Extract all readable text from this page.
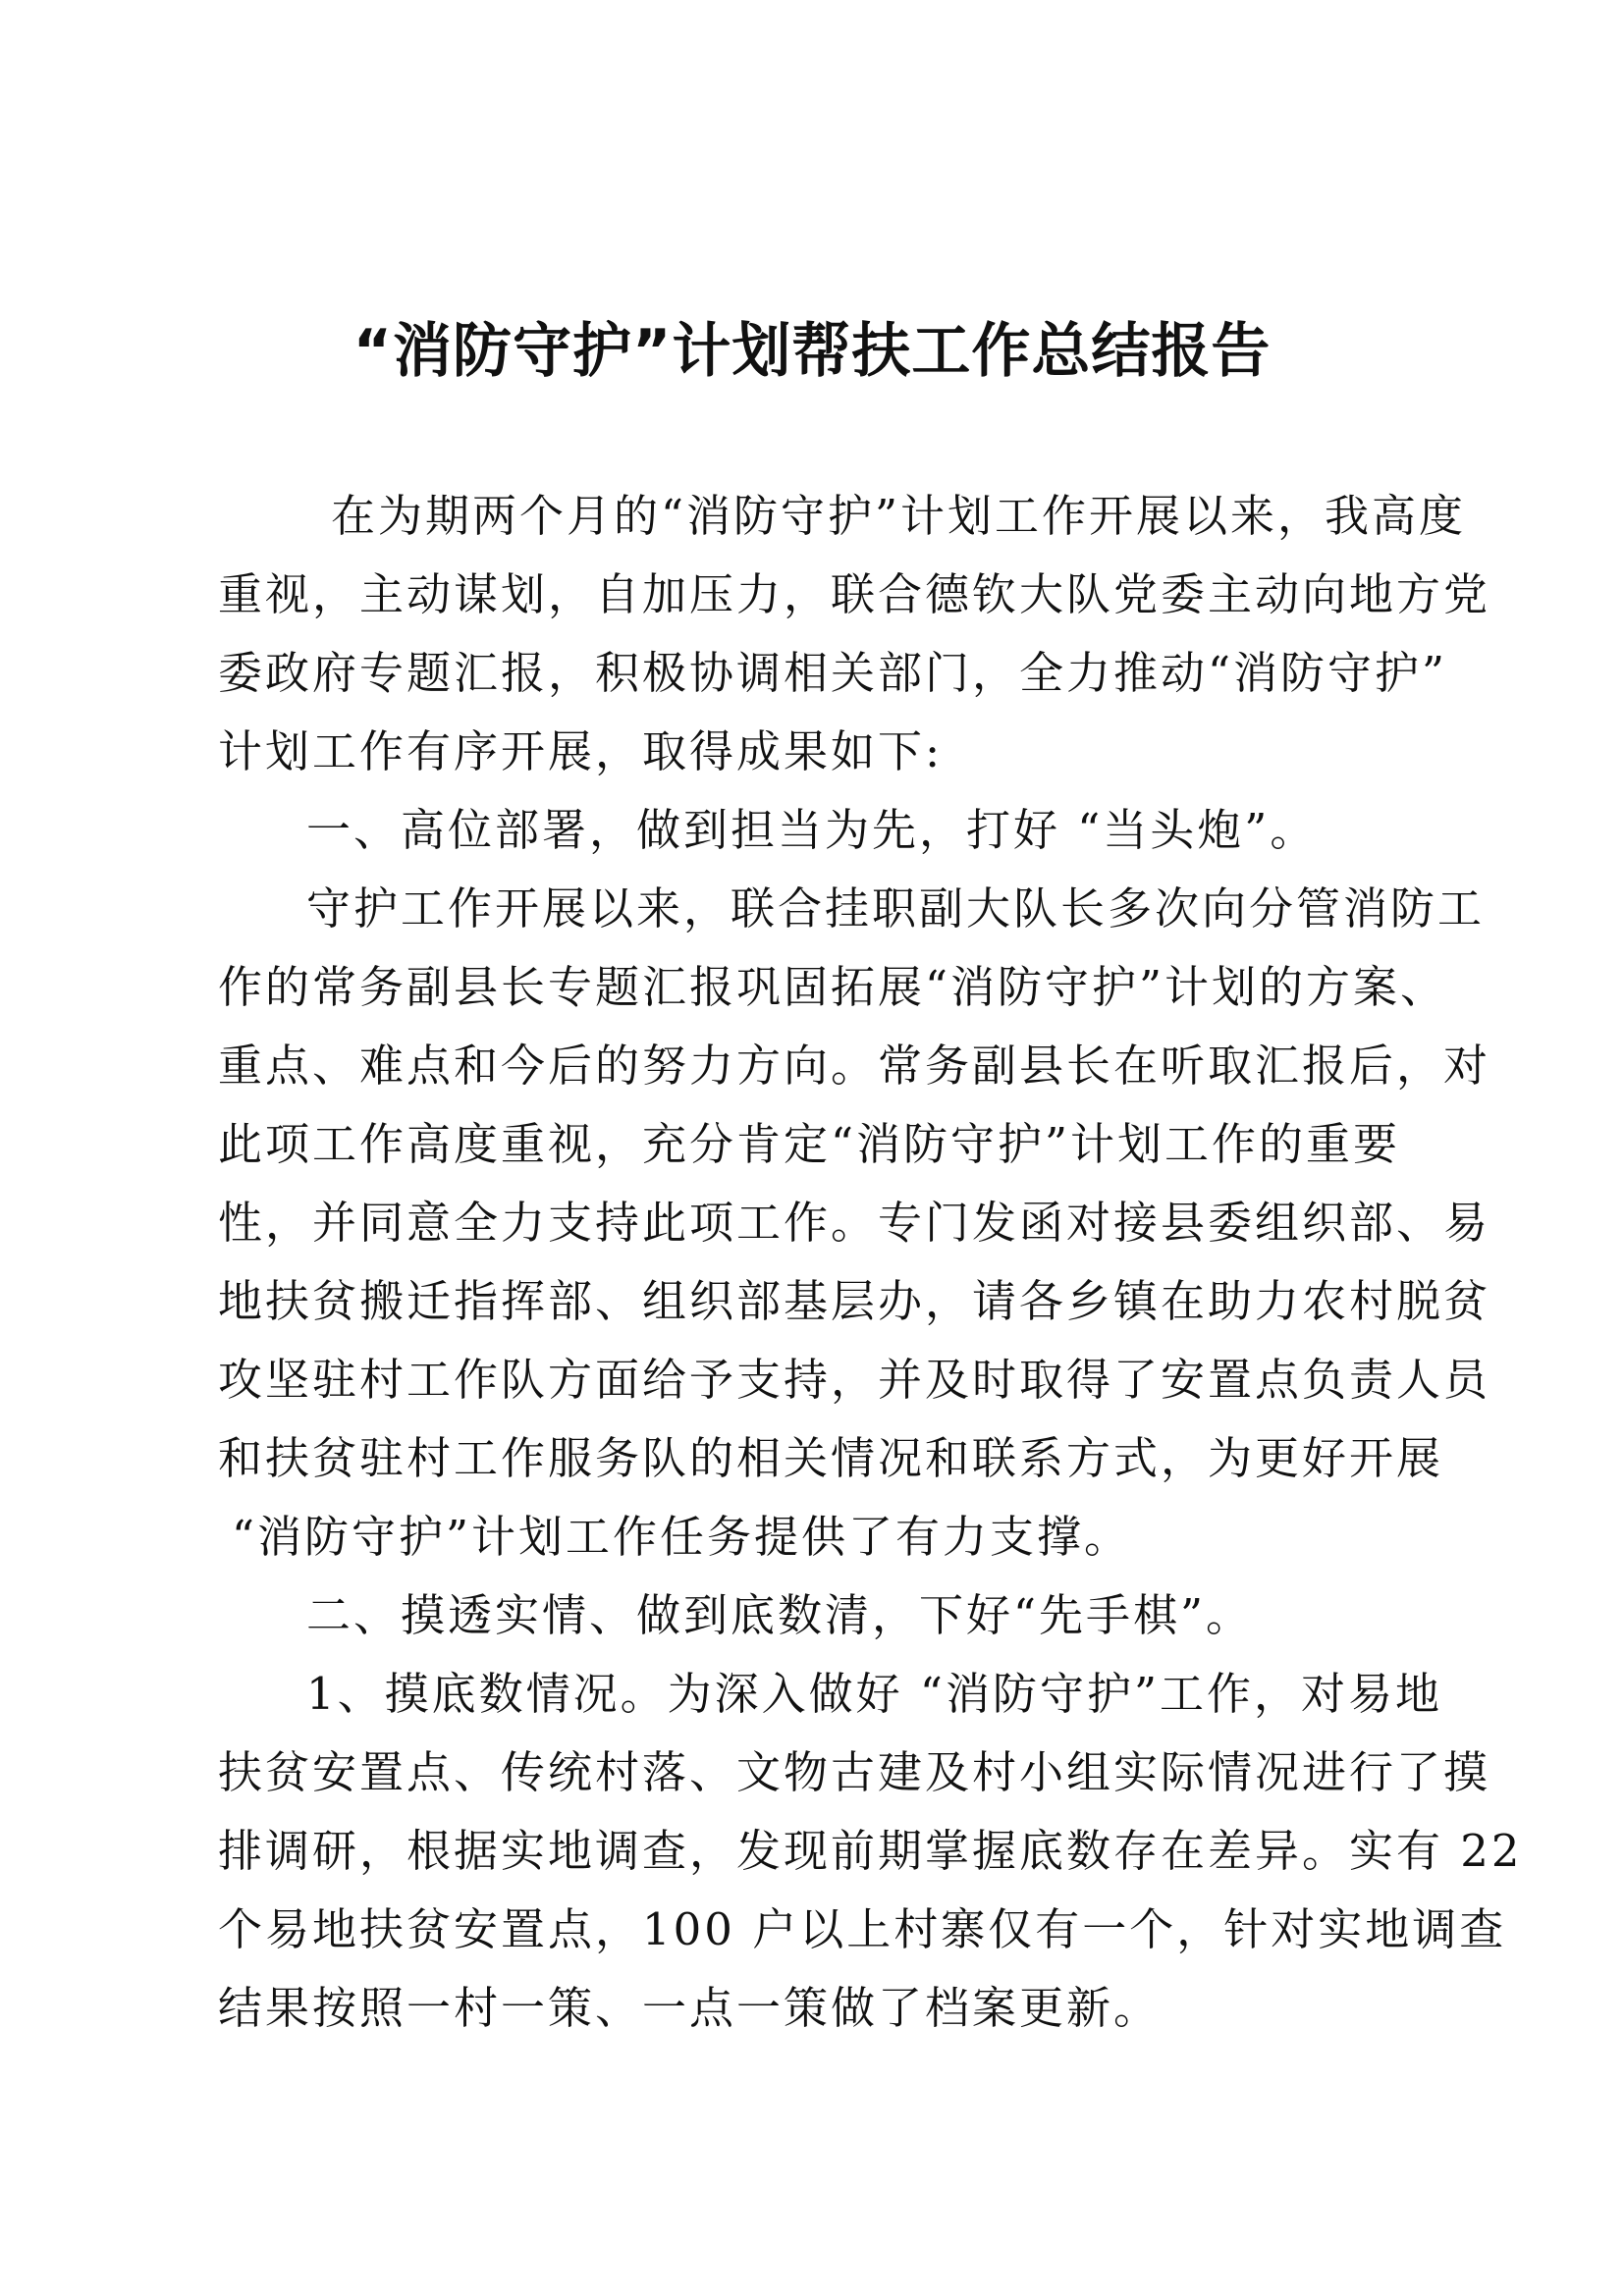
“消防守护”计划帮扶工作总结报告
在为期两个月的“消防守护”计划工作开展以来，我高度
重视，主动谋划，自加压力，联合德钦大队党委主动向地方党
委政府专题汇报，积极协调相关部门，全力推动“消防守护”
计划工作有序开展，取得成果如下:
一、高位部署，做到担当为先，打好 “当头炮”。
守护工作开展以来，联合挂职副大队长多次向分管消防工
作的常务副县长专题汇报巩固拓展“消防守护”计划的方案、
重点、难点和今后的努力方向。常务副县长在听取汇报后，对
此项工作高度重视，充分肯定“消防守护”计划工作的重要
性，并同意全力支持此项工作。专门发函对接县委组织部、易
地扶贫搬迁指挥部、组织部基层办，请各乡镇在助力农村脱贫
攻坚驻村工作队方面给予支持，并及时取得了安置点负责人员
和扶贫驻村工作服务队的相关情况和联系方式，为更好开展
“消防守护”计划工作任务提供了有力支撑。
二、摸透实情、做到底数清，下好“先手棋”。
1、摸底数情况。为深入做好 “消防守护”工作，对易地
扶贫安置点、传统村落、文物古建及村小组实际情况进行了摸
排调研，根据实地调查，发现前期掌握底数存在差异。实有 22
个易地扶贫安置点，100 户以上村寨仅有一个，针对实地调查
结果按照一村一策、一点一策做了档案更新。
